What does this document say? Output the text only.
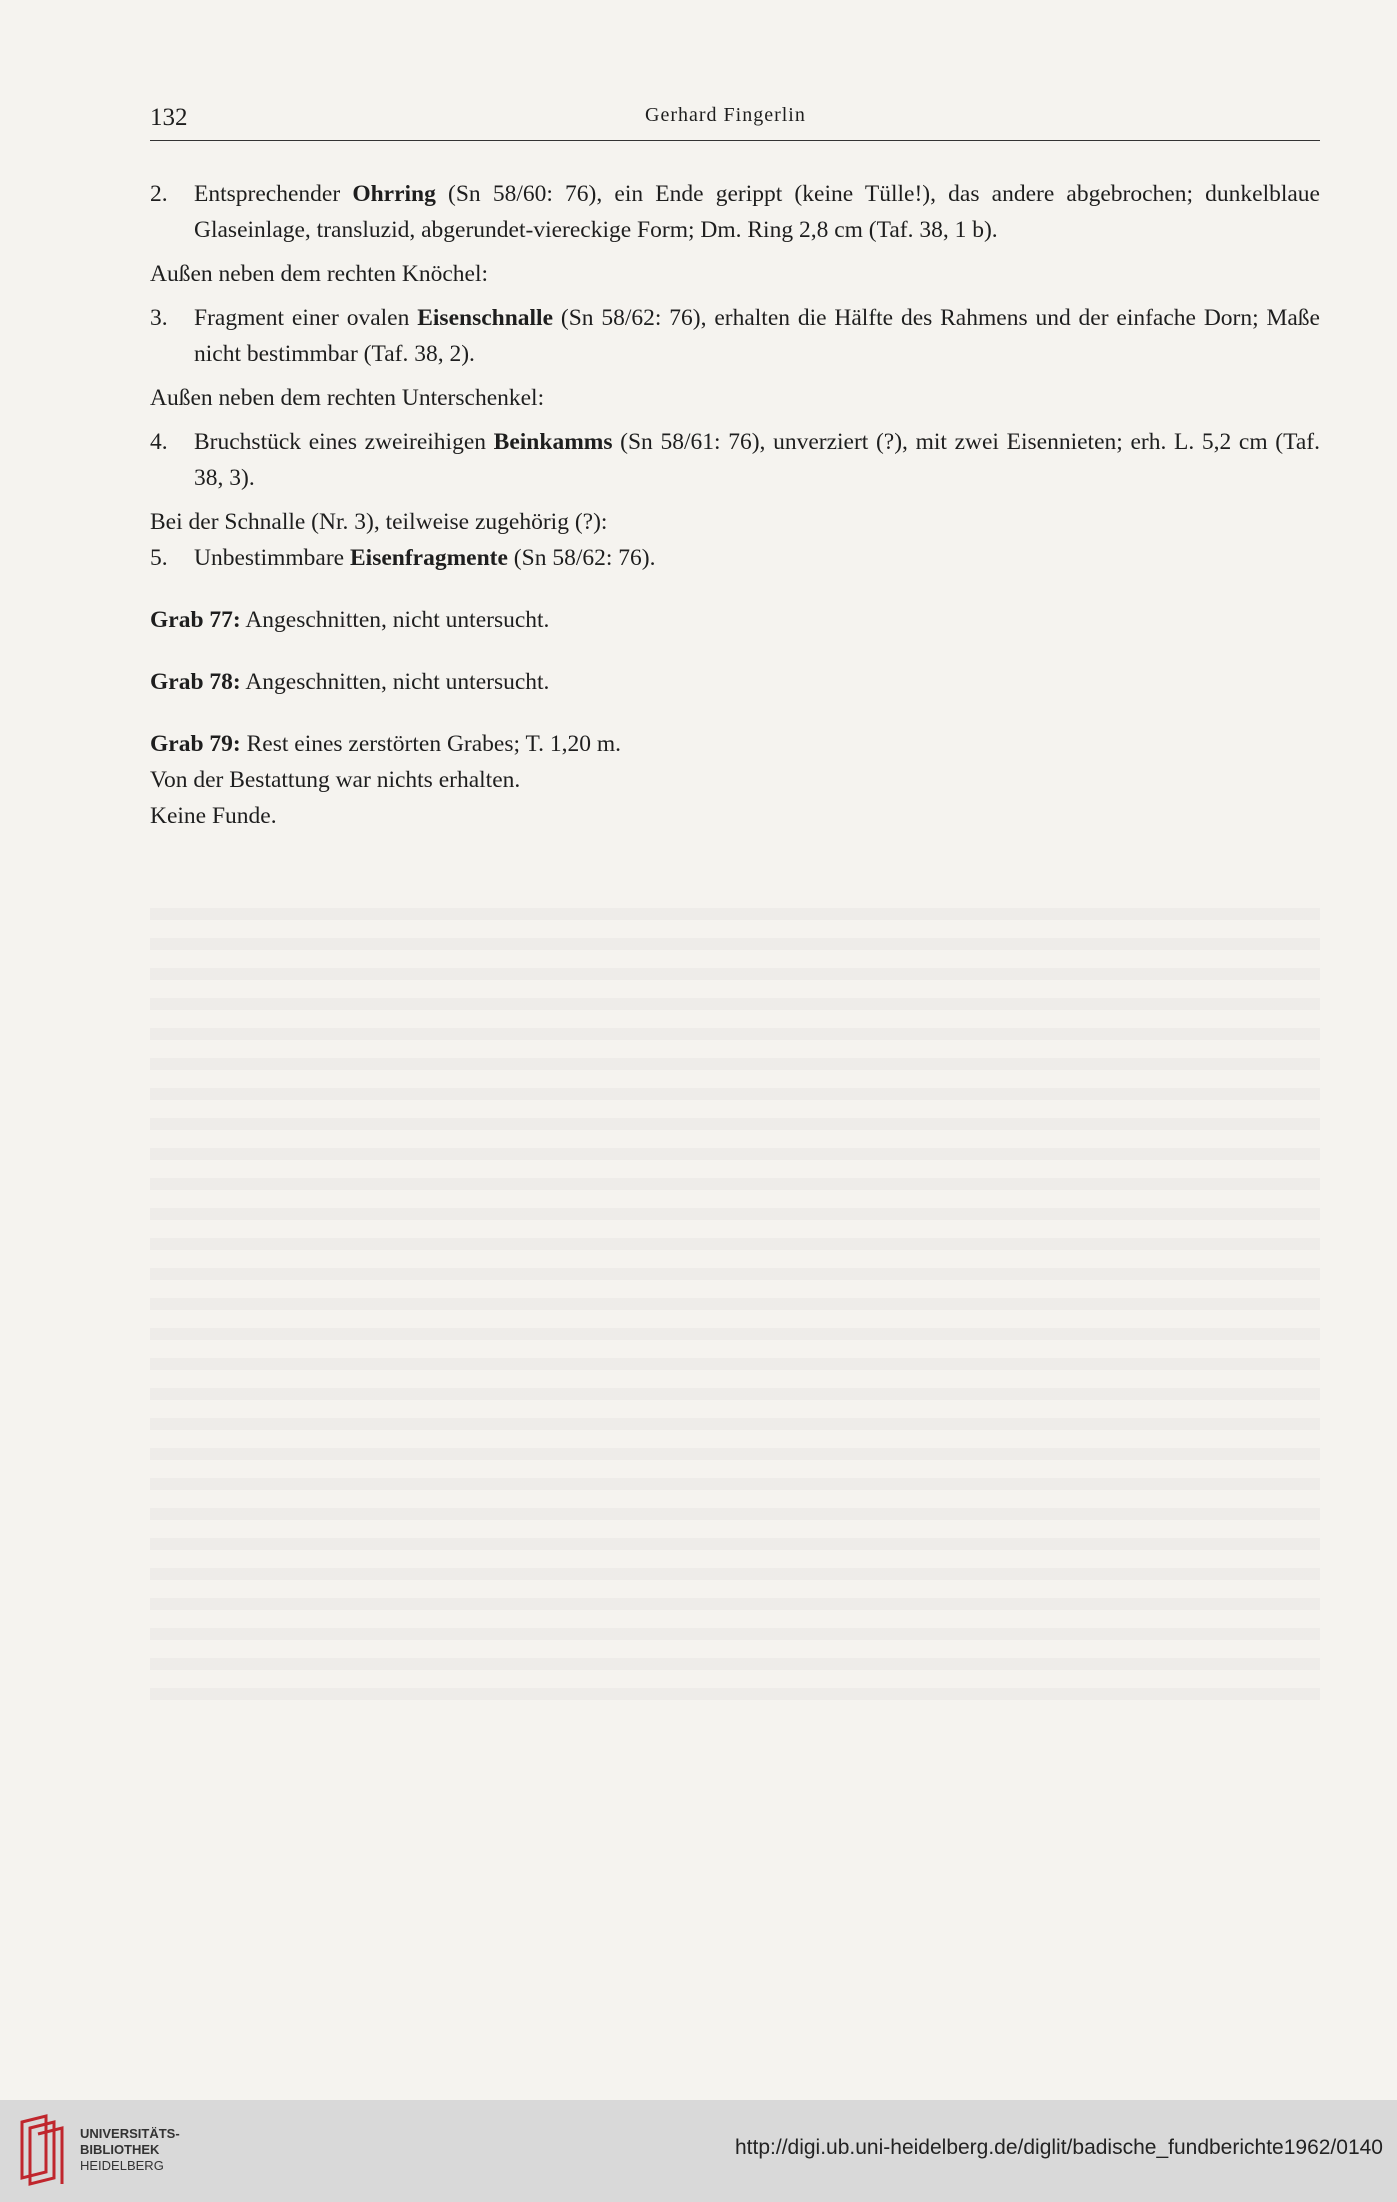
132	Gerhard Fingerlin
2. Entsprechender Ohrring (Sn 58/60: 76), ein Ende gerippt (keine Tülle!), das andere abgebrochen; dunkelblaue Glaseinlage, transluzid, abgerundet-viereckige Form; Dm. Ring 2,8 cm (Taf. 38, 1 b).

Außen neben dem rechten Knöchel:

3. Fragment einer ovalen Eisenschnalle (Sn 58/62: 76), erhalten die Hälfte des Rahmens und der einfache Dorn; Maße nicht bestimmbar (Taf. 38, 2).

Außen neben dem rechten Unterschenkel:

4. Bruchstück eines zweireihigen Beinkamms (Sn 58/61: 76), unverziert (?), mit zwei Eisennieten; erh. L. 5,2 cm (Taf. 38, 3).

Bei der Schnalle (Nr. 3), teilweise zugehörig (?):

5. Unbestimmbare Eisenfragmente (Sn 58/62: 76).

Grab 77: Angeschnitten, nicht untersucht.

Grab 78: Angeschnitten, nicht untersucht.

Grab 79: Rest eines zerstörten Grabes; T. 1,20 m.

Von der Bestattung war nichts erhalten.

Keine Funde.

UNIVERSITÄTS-
BIBLIOTHEK
HEIDELBERG
http://digi.ub.uni-heidelberg.de/diglit/badische_fundberichte1962/0140
